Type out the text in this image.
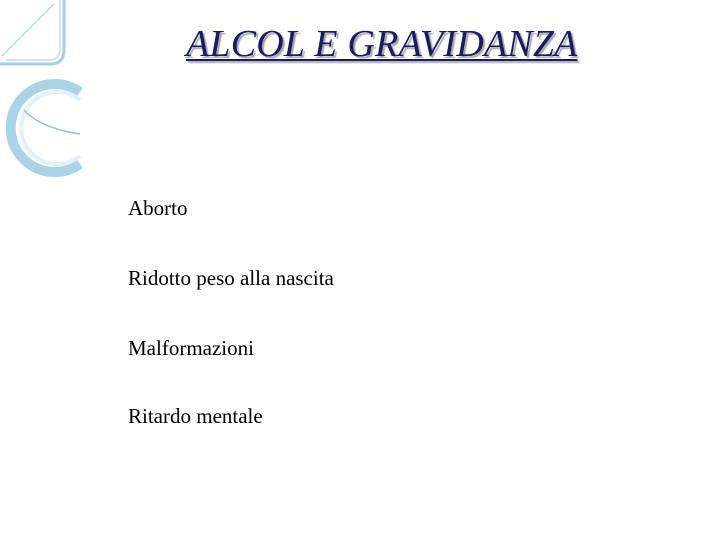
ALCOL E GRAVIDANZA
Aborto
Ridotto peso alla nascita
Malformazioni
Ritardo mentale
